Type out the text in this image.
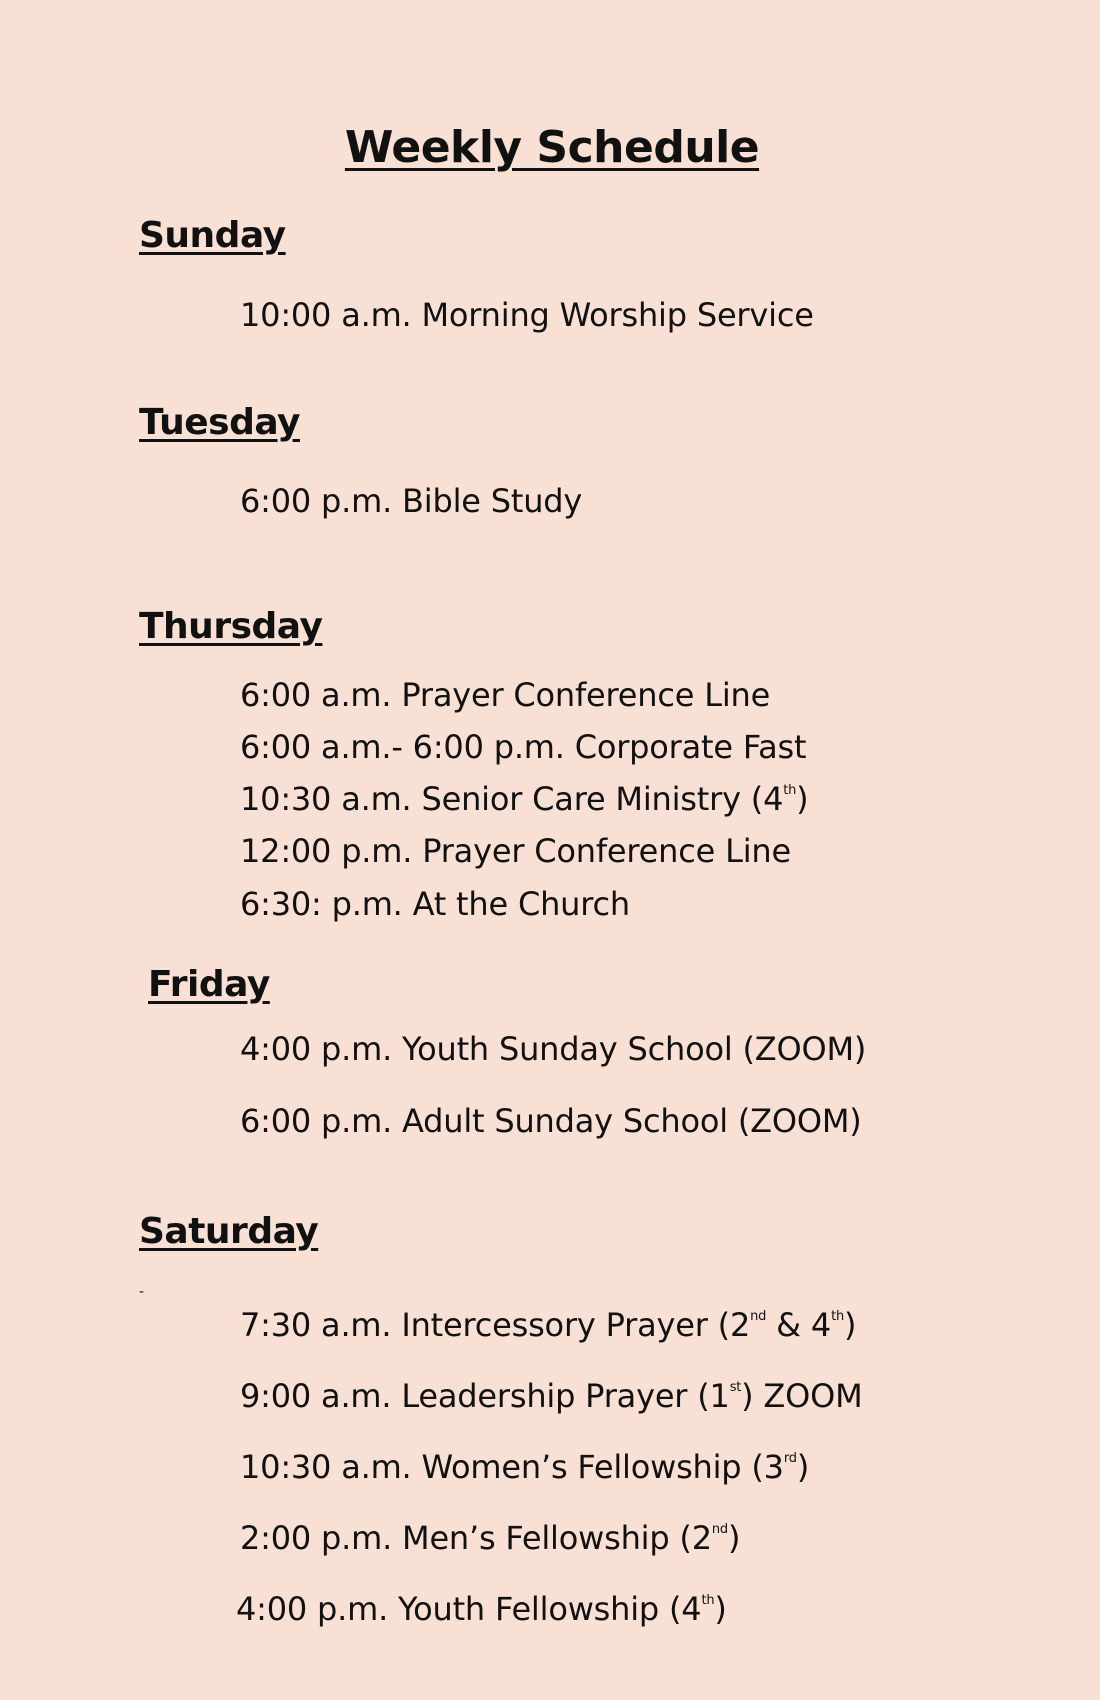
Weekly Schedule
Sunday
10:00 a.m. Morning Worship Service
Tuesday
6:00 p.m. Bible Study
Thursday
6:00 a.m. Prayer Conference Line
6:00 a.m.- 6:00 p.m. Corporate Fast
10:30 a.m. Senior Care Ministry (4th)
12:00 p.m. Prayer Conference Line
6:30: p.m. At the Church
Friday
4:00 p.m. Youth Sunday School (ZOOM)
6:00 p.m. Adult Sunday School (ZOOM)
Saturday
-
7:30 a.m. Intercessory Prayer (2nd & 4th)
9:00 a.m. Leadership Prayer (1st) ZOOM
10:30 a.m. Women’s Fellowship (3rd)
2:00 p.m. Men’s Fellowship (2nd)
4:00 p.m. Youth Fellowship (4th)
